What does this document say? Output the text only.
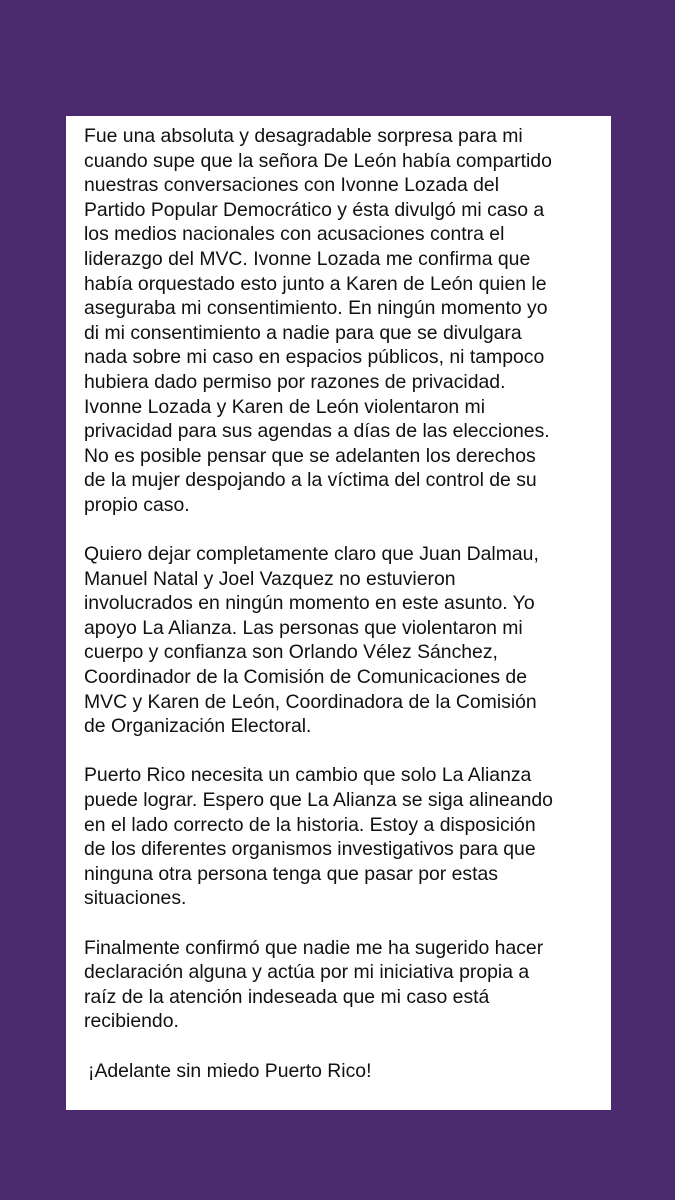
Fue una absoluta y desagradable sorpresa para mi
cuando supe que la señora De León había compartido
nuestras conversaciones con Ivonne Lozada del
Partido Popular Democrático y ésta divulgó mi caso a
los medios nacionales con acusaciones contra el
liderazgo del MVC. Ivonne Lozada me confirma que
había orquestado esto junto a Karen de León quien le
aseguraba mi consentimiento. En ningún momento yo
di mi consentimiento a nadie para que se divulgara
nada sobre mi caso en espacios públicos, ni tampoco
hubiera dado permiso por razones de privacidad.
Ivonne Lozada y Karen de León violentaron mi
privacidad para sus agendas a días de las elecciones.
No es posible pensar que se adelanten los derechos
de la mujer despojando a la víctima del control de su
propio caso.

Quiero dejar completamente claro que Juan Dalmau,
Manuel Natal y Joel Vazquez no estuvieron
involucrados en ningún momento en este asunto. Yo
apoyo La Alianza. Las personas que violentaron mi
cuerpo y confianza son Orlando Vélez Sánchez,
Coordinador de la Comisión de Comunicaciones de
MVC y Karen de León, Coordinadora de la Comisión
de Organización Electoral.

Puerto Rico necesita un cambio que solo La Alianza
puede lograr. Espero que La Alianza se siga alineando
en el lado correcto de la historia. Estoy a disposición
de los diferentes organismos investigativos para que
ninguna otra persona tenga que pasar por estas
situaciones.

Finalmente confirmó que nadie me ha sugerido hacer
declaración alguna y actúa por mi iniciativa propia a
raíz de la atención indeseada que mi caso está
recibiendo.

¡Adelante sin miedo Puerto Rico!
